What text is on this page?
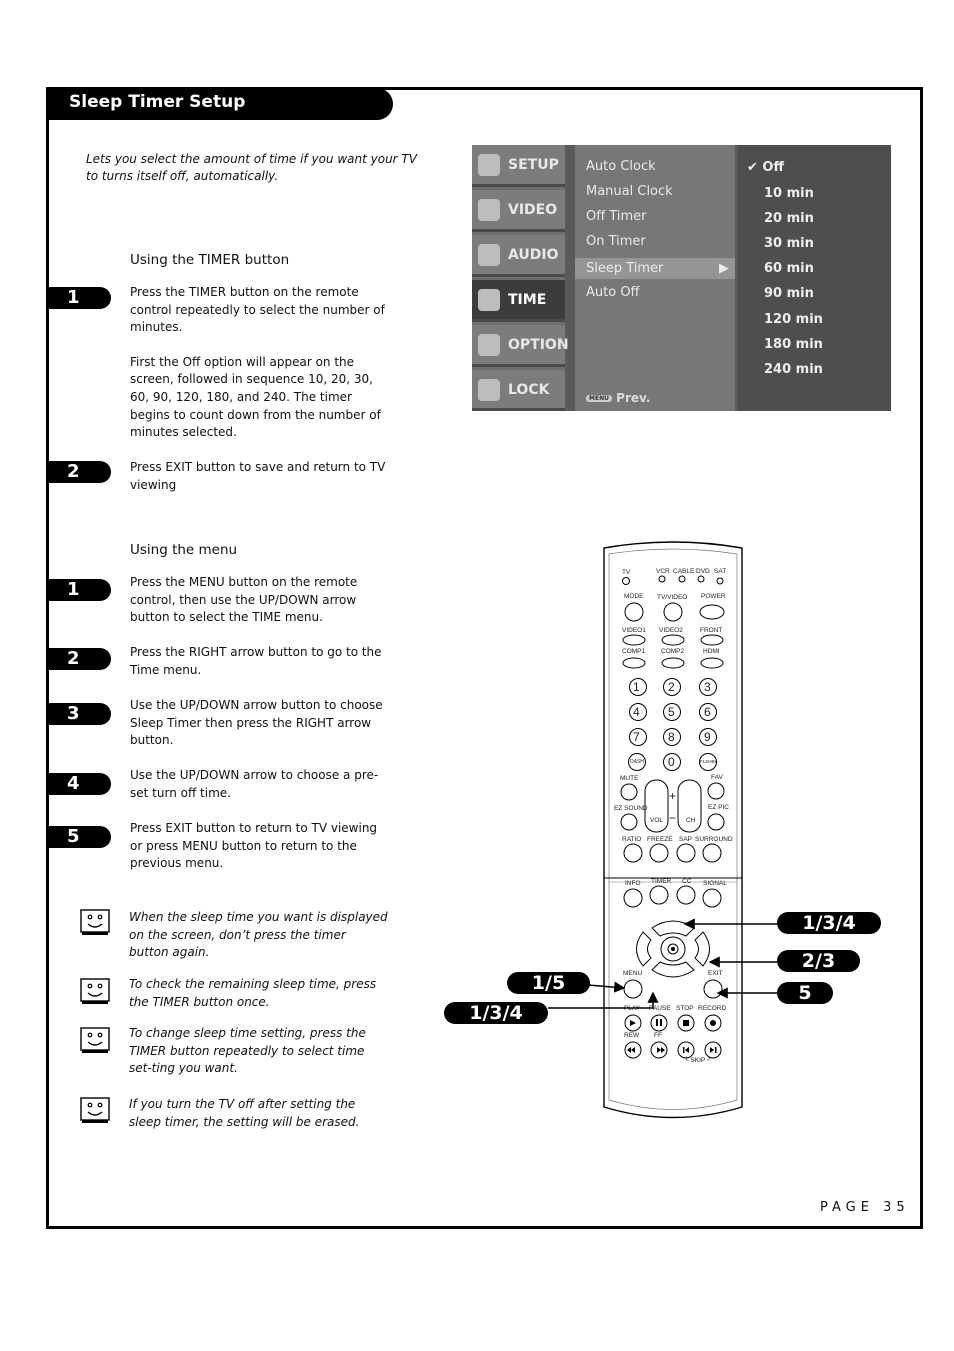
Sleep Timer Setup
Lets you select the amount of time if you want your TV to turns itself off, automatically.
Using the TIMER button
1	Press the TIMER button on the remote control repeatedly to select the number of minutes.

First the Off option will appear on the screen, followed in sequence 10, 20, 30, 60, 90, 120, 180, and 240. The timer begins to count down from the number of minutes selected.

2	Press EXIT button to save and return to TV viewing
Using the menu
1	Press the MENU button on the remote control, then use the UP/DOWN arrow button to select the TIME menu.
2	Press the RIGHT arrow button to go to the Time menu.
3	Use the UP/DOWN arrow button to choose Sleep Timer then press the RIGHT arrow button.
4	Use the UP/DOWN arrow to choose a pre-set turn off time.
5	Press EXIT button to return to TV viewing or press MENU button to return to the previous menu.
When the sleep time you want is displayed on the screen, don’t press the timer button again.
To check the remaining sleep time, press the TIMER button once.
To change sleep time setting, press the TIMER button repeatedly to select time set-ting you want.
If you turn the TV off after setting the sleep timer, the setting will be erased.
SETUP
VIDEO
AUDIO
TIME
OPTION
LOCK
Auto Clock
Manual Clock
Off Timer
On Timer
Sleep Timer	▶
Auto Off
✔ Off
10 min
20 min
30 min
60 min
90 min
120 min
180 min
240 min
MENU Prev.
TV	VCR CABLE DVD SAT
MODE TV/VIDEO POWER
VIDEO1 VIDEO2	FRONT
COMP1 COMP2	HDMI
1 2 3
4 5 6
7 8 9
0
DASH	FLSHBK
MUTE	FAV
EZ SOUND	EZ PIC
VOL	CH
+
−
RATIO FREEZE SAP SURROUND
INFO TIMER CC SIGNAL
MENU	EXIT
PLAY PAUSE STOP RECORD
REW FF
└ SKIP ┘
1/3/4
2/3
5
1/5
1/3/4
PAGE 35
